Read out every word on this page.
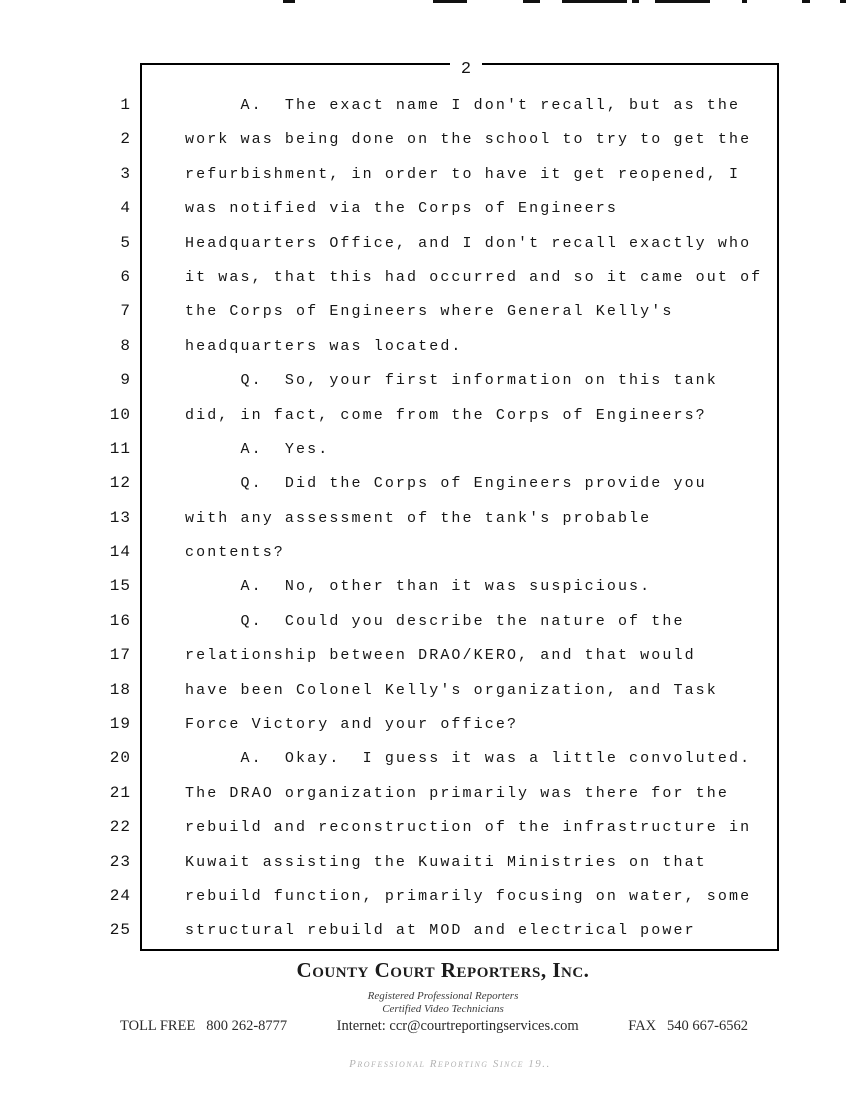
2
1
2
3
4
5
6
7
8
9
10
11
12
13
14
15
16
17
18
19
20
21
22
23
24
25
A.  The exact name I don't recall, but as the
work was being done on the school to try to get the
refurbishment, in order to have it get reopened, I
was notified via the Corps of Engineers
Headquarters Office, and I don't recall exactly who
it was, that this had occurred and so it came out of
the Corps of Engineers where General Kelly's
headquarters was located.
Q.  So, your first information on this tank
did, in fact, come from the Corps of Engineers?
A.  Yes.
Q.  Did the Corps of Engineers provide you
with any assessment of the tank's probable
contents?
A.  No, other than it was suspicious.
Q.  Could you describe the nature of the
relationship between DRAO/KERO, and that would
have been Colonel Kelly's organization, and Task
Force Victory and your office?
A.  Okay.  I guess it was a little convoluted.
The DRAO organization primarily was there for the
rebuild and reconstruction of the infrastructure in
Kuwait assisting the Kuwaiti Ministries on that
rebuild function, primarily focusing on water, some
structural rebuild at MOD and electrical power
County Court Reporters, Inc.
Registered Professional Reporters
Certified Video Technicians
TOLL FREE   800 262-8777	Internet: ccr@courtreportingservices.com	FAX   540 667-6562
Professional Reporting Since 19..
